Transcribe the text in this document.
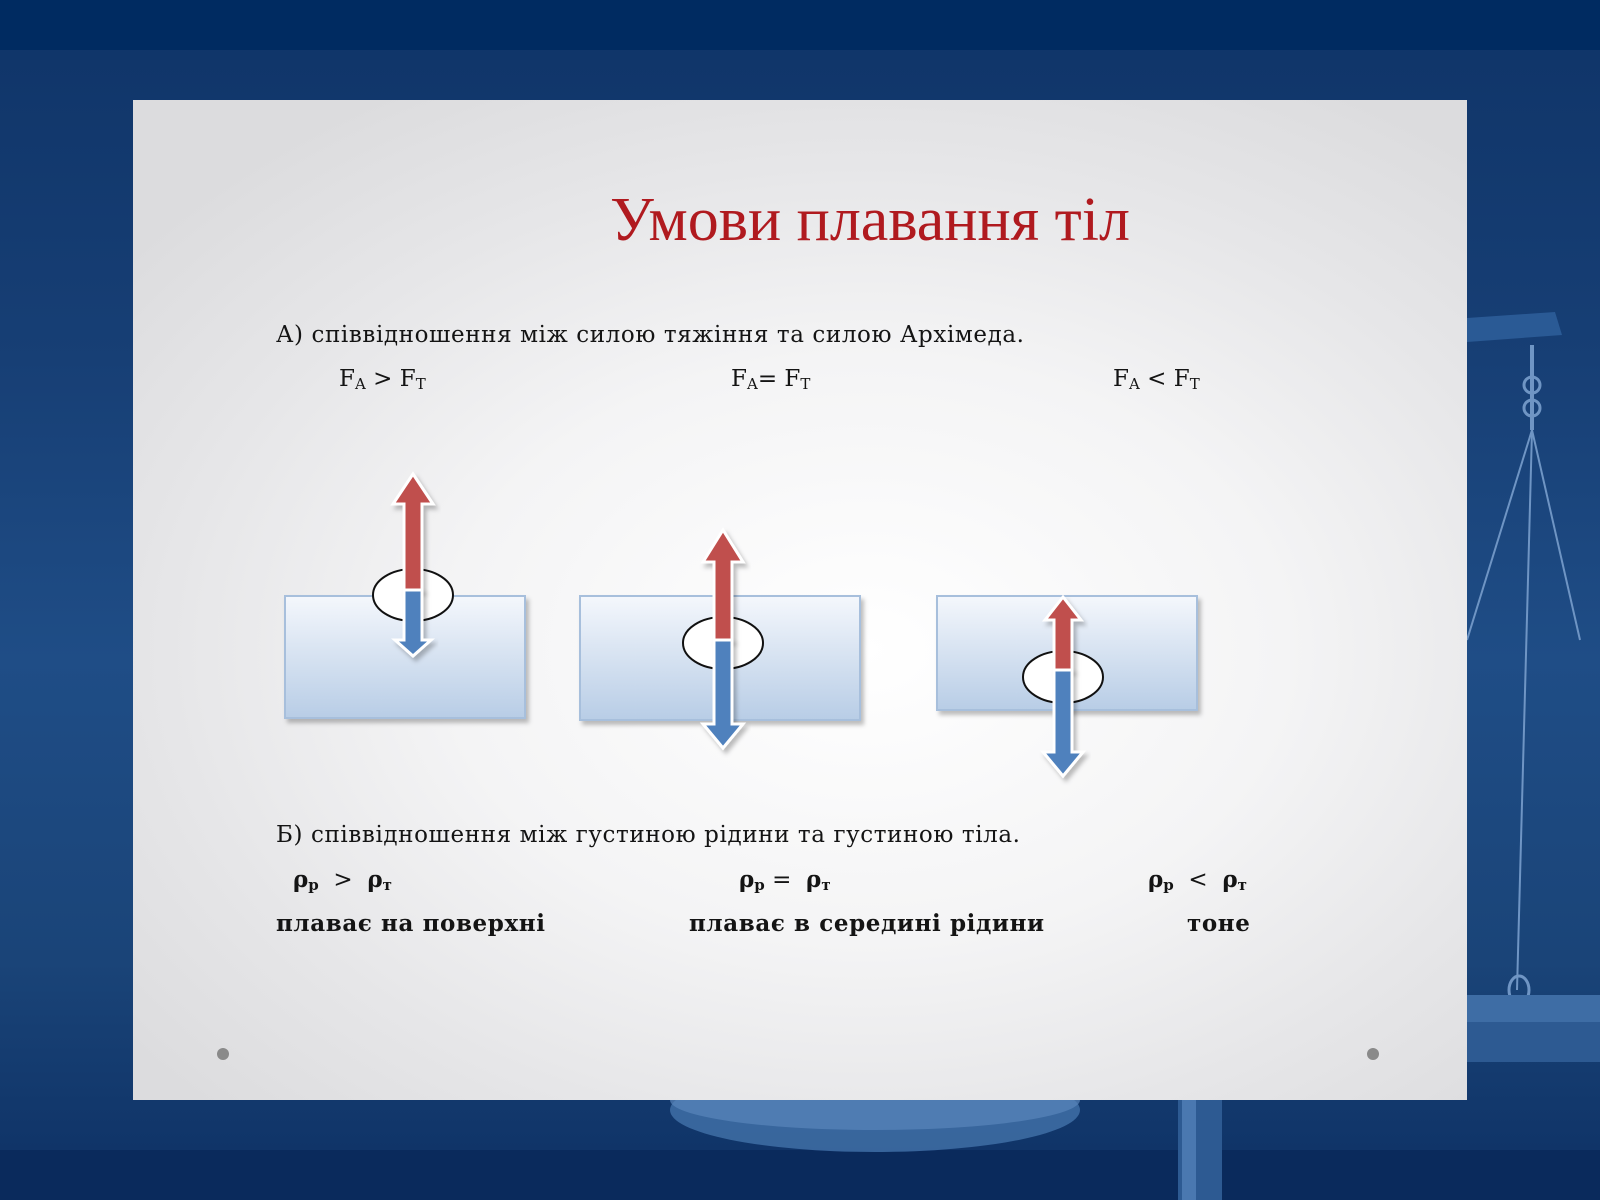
Умови плавання тіл
А) співвідношення між силою тяжіння та силою Архімеда.
$F_A > F_T$	$F_A= F_T$	$F_A < F_T$
Б) співвідношення між густиною рідини та густиною тіла.
$\rho_p > \rho_т$	$\rho_p = \rho_т$	$\rho_p < \rho_т$
плаває на поверхні	плаває в середині рідини	тоне
